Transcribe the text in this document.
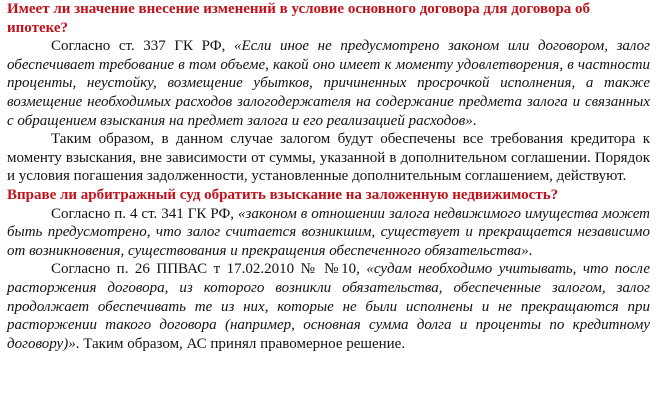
Имеет ли значение внесение изменений в условие основного договора для договора об ипотеке?

Согласно ст. 337 ГК РФ, «Если иное не предусмотрено законом или договором, залог обеспечивает требование в том объеме, какой оно имеет к моменту удовлетворения, в частности проценты, неустойку, возмещение убытков, причиненных просрочкой исполнения, а также возмещение необходимых расходов залогодержателя на содержание предмета залога и связанных с обращением взыскания на предмет залога и его реализацией расходов».

Таким образом, в данном случае залогом будут обеспечены все требования кредитора к моменту взыскания, вне зависимости от суммы, указанной в дополнительном соглашении. Порядок и условия погашения задолженности, установленные дополнительным соглашением, действуют.

Вправе ли арбитражный суд обратить взыскание на заложенную недвижимость?

Согласно п. 4 ст. 341 ГК РФ, «законом в отношении залога недвижимого имущества может быть предусмотрено, что залог считается возникшим, существует и прекращается независимо от возникновения, существования и прекращения обеспеченного обязательства».

Согласно п. 26 ППВАС т 17.02.2010 № №10, «судам необходимо учитывать, что после расторжения договора, из которого возникли обязательства, обеспеченные залогом, залог продолжает обеспечивать те из них, которые не были исполнены и не прекращаются при расторжении такого договора (например, основная сумма долга и проценты по кредитному договору)». Таким образом, АС принял правомерное решение.
